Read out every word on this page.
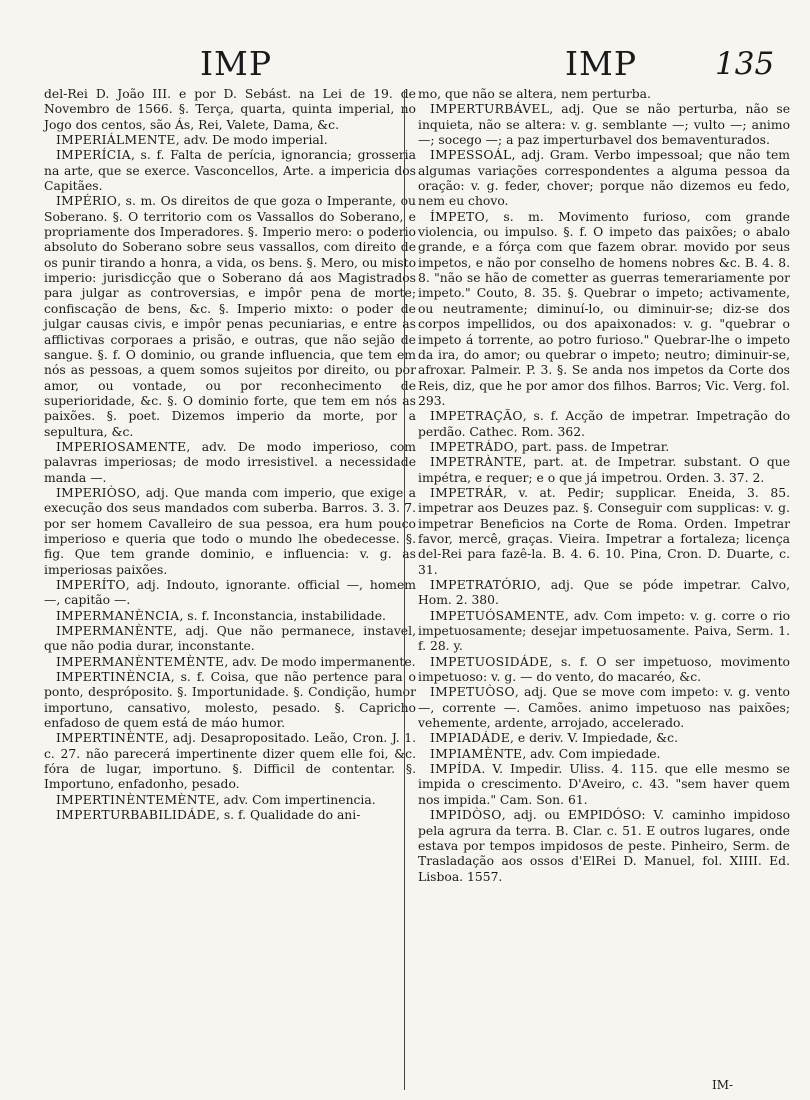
IMP	IMP	135

del-Rei D. João III. e por D. Sebást. na Lei de 19. de Novembro de 1566. §. Terça, quarta, quinta imperial, no Jogo dos centos, são Ás, Rei, Valete, Dama, &c.

IMPERIÁLMENTE, adv. De modo imperial.

IMPERÍCIA, s. f. Falta de perícia, ignorancia; grosseria na arte, que se exerce. Vasconcellos, Arte. a impericia dos Capitães.

IMPÉRIO, s. m. Os direitos de que goza o Imperante, ou Soberano. §. O territorio com os Vassallos do Soberano, e propriamente dos Imperadores. §. Imperio mero: o poderio absoluto do Soberano sobre seus vassallos, com direito de os punir tirando a honra, a vida, os bens. §. Mero, ou misto imperio: jurisdicção que o Soberano dá aos Magistrados para julgar as controversias, e impôr pena de morte; confiscação de bens, &c. §. Imperio mixto: o poder de julgar causas civis, e impôr penas pecuniarias, e entre as afflictivas corporaes a prisão, e outras, que não sejão de sangue. §. f. O dominio, ou grande influencia, que tem em nós as pessoas, a quem somos sujeitos por direito, ou por amor, ou vontade, ou por reconhecimento de superioridade, &c. §. O dominio forte, que tem em nós as paixões. §. poet. Dizemos imperio da morte, por a sepultura, &c.

IMPERIOSAMENTE, adv. De modo imperioso, com palavras imperiosas; de modo irresistivel. a necessidade manda —.

IMPERIÒSO, adj. Que manda com imperio, que exige a execução dos seus mandados com suberba. Barros. 3. 3. 7. por ser homem Cavalleiro de sua pessoa, era hum pouco imperioso e queria que todo o mundo lhe obedecesse. §. fig. Que tem grande dominio, e influencia: v. g. as imperiosas paixões.

IMPERÍTO, adj. Indouto, ignorante. official —, homem —, capitão —.

IMPERMANÈNCIA, s. f. Inconstancia, instabilidade.

IMPERMANÈNTE, adj. Que não permanece, instavel, que não podia durar, inconstante.

IMPERMANÈNTEMÈNTE, adv. De modo impermanente.

IMPERTINÈNCIA, s. f. Coisa, que não pertence para o ponto, despróposito. §. Importunidade. §. Condição, humor importuno, cansativo, molesto, pesado. §. Capricho enfadoso de quem está de máo humor.

IMPERTINÈNTE, adj. Desapropositado. Leão, Cron. J. 1. c. 27. não parecerá impertinente dizer quem elle foi, &c. fóra de lugar, importuno. §. Difficil de contentar. §. Importuno, enfadonho, pesado.

IMPERTINÈNTEMÈNTE, adv. Com impertinencia.

IMPERTURBABILIDÁDE, s. f. Qualidade do ani-

mo, que não se altera, nem perturba.

IMPERTURBÁVEL, adj. Que se não perturba, não se inquieta, não se altera: v. g. semblante —; vulto —; animo —; socego —; a paz imperturbavel dos bemaventurados.

IMPESSOÁL, adj. Gram. Verbo impessoal; que não tem algumas variações correspondentes a alguma pessoa da oração: v. g. feder, chover; porque não dizemos eu fedo, nem eu chovo.

ÍMPETO, s. m. Movimento furioso, com grande violencia, ou impulso. §. f. O impeto das paixões; o abalo grande, e a fórça com que fazem obrar. movido por seus impetos, e não por conselho de homens nobres &c. B. 4. 8. 8. "não se hão de cometter as guerras temerariamente por impeto." Couto, 8. 35. §. Quebrar o impeto; activamente, ou neutramente; diminuí-lo, ou diminuir-se; diz-se dos corpos impellidos, ou dos apaixonados: v. g. "quebrar o impeto á torrente, ao potro furioso." Quebrar-lhe o impeto da ira, do amor; ou quebrar o impeto; neutro; diminuir-se, afroxar. Palmeir. P. 3. §. Se anda nos impetos da Corte dos Reis, diz, que he por amor dos filhos. Barros; Vic. Verg. fol. 293.

IMPETRAÇÃO, s. f. Acção de impetrar. Impetração do perdão. Cathec. Rom. 362.

IMPETRÁDO, part. pass. de Impetrar.

IMPETRÀNTE, part. at. de Impetrar. substant. O que impétra, e requer; e o que já impetrou. Orden. 3. 37. 2.

IMPETRÁR, v. at. Pedir; supplicar. Eneida, 3. 85. impetrar aos Deuzes paz. §. Conseguir com supplicas: v. g. impetrar Beneficios na Corte de Roma. Orden. Impetrar favor, mercê, graças. Vieira. Impetrar a fortaleza; licença del-Rei para fazê-la. B. 4. 6. 10. Pina, Cron. D. Duarte, c. 31.

IMPETRATÓRIO, adj. Que se póde impetrar. Calvo, Hom. 2. 380.

IMPETUÓSAMENTE, adv. Com impeto: v. g. corre o rio impetuosamente; desejar impetuosamente. Paiva, Serm. 1. f. 28. y.

IMPETUOSIDÁDE, s. f. O ser impetuoso, movimento impetuoso: v. g. — do vento, do macaréo, &c.

IMPETUÒSO, adj. Que se move com impeto: v. g. vento —, corrente —. Camões. animo impetuoso nas paixões; vehemente, ardente, arrojado, accelerado.

IMPIADÁDE, e deriv. V. Impiedade, &c.

IMPIAMÈNTE, adv. Com impiedade.

IMPÍDA. V. Impedir. Uliss. 4. 115. que elle mesmo se impida o crescimento. D'Aveiro, c. 43. "sem haver quem nos impida." Cam. Son. 61.

IMPIDÒSO, adj. ou EMPIDÓSO: V. caminho impidoso pela agrura da terra. B. Clar. c. 51. E outros lugares, onde estava por tempos impidosos de peste. Pinheiro, Serm. de Trasladação aos ossos d'ElRei D. Manuel, fol. XIIII. Ed. Lisboa. 1557.

IM-
